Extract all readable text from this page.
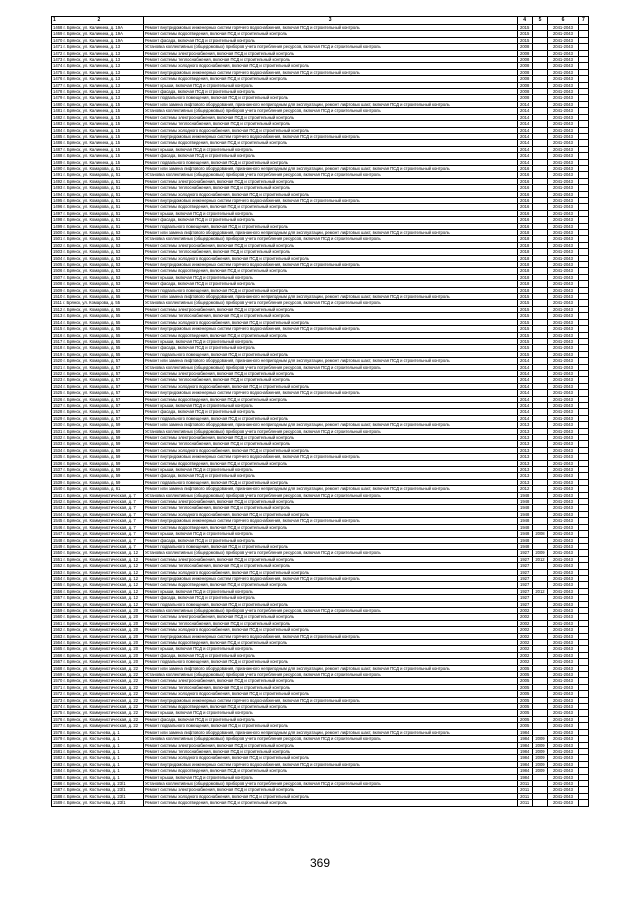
1 2	3	4	5	6	7
1468 г. Брянск, ул. Калинина, д. 19А	Ремонт внутридомовых инженерных систем горячего водоснабжения, включая ПСД и строительный контроль	2015		2041-2043	
1469 г. Брянск, ул. Калинина, д. 19А	Ремонт системы водоотведения, включая ПСД и строительный контроль	2015		2041-2043	
1470 г. Брянск, ул. Калинина, д. 19А	Ремонт фасада, включая ПСД и строительный контроль	2015		2041-2043	
1471 г. Брянск, ул. Калинина, д. 13	Установка коллективных (общедомовых) приборов учета потребления ресурсов, включая ПСД и строительный контроль	2008		2041-2043	
1472 г. Брянск, ул. Калинина, д. 13	Ремонт системы электроснабжения, включая ПСД и строительный контроль	2008		2041-2043	
1473 г. Брянск, ул. Калинина, д. 13	Ремонт системы теплоснабжения, включая ПСД и строительный контроль	2008		2041-2043	
1474 г. Брянск, ул. Калинина, д. 13	Ремонт системы холодного водоснабжения, включая ПСД и строительный контроль	2008		2041-2043	
1475 г. Брянск, ул. Калинина, д. 13	Ремонт внутридомовых инженерных систем горячего водоснабжения, включая ПСД и строительный контроль	2008		2041-2043	
1476 г. Брянск, ул. Калинина, д. 13	Ремонт системы водоотведения, включая ПСД и строительный контроль	2008		2041-2043	
1477 г. Брянск, ул. Калинина, д. 13	Ремонт крыши, включая ПСД и строительный контроль	2008		2041-2043	
1478 г. Брянск, ул. Калинина, д. 13	Ремонт фасада, включая ПСД и строительный контроль	2008		2041-2043	
1479 г. Брянск, ул. Калинина, д. 13	Ремонт подвального помещения, включая ПСД и строительный контроль	2008		2041-2043	
1480 г. Брянск, ул. Калинина, д. 15	Ремонт или замена лифтового оборудования, признанного непригодным для эксплуатации, ремонт лифтовых шахт, включая ПСД и строительный контроль	2014		2041-2043	
1481 г. Брянск, ул. Калинина, д. 15	Установка коллективных (общедомовых) приборов учета потребления ресурсов, включая ПСД и строительный контроль	2014		2041-2043	
1482 г. Брянск, ул. Калинина, д. 15	Ремонт системы электроснабжения, включая ПСД и строительный контроль	2014		2041-2043	
1483 г. Брянск, ул. Калинина, д. 15	Ремонт системы теплоснабжения, включая ПСД и строительный контроль	2014		2041-2043	
1484 г. Брянск, ул. Калинина, д. 15	Ремонт системы холодного водоснабжения, включая ПСД и строительный контроль	2014		2041-2043	
1485 г. Брянск, ул. Калинина, д. 15	Ремонт внутридомовых инженерных систем горячего водоснабжения, включая ПСД и строительный контроль	2014		2041-2043	
1486 г. Брянск, ул. Калинина, д. 15	Ремонт системы водоотведения, включая ПСД и строительный контроль	2014		2041-2043	
1487 г. Брянск, ул. Калинина, д. 15	Ремонт крыши, включая ПСД и строительный контроль	2014		2041-2043	
1488 г. Брянск, ул. Калинина, д. 15	Ремонт фасада, включая ПСД и строительный контроль	2014		2041-2043	
1489 г. Брянск, ул. Калинина, д. 15	Ремонт подвального помещения, включая ПСД и строительный контроль	2014		2041-2043	
1490 г. Брянск, ул. Комарова, д. 51	Ремонт или замена лифтового оборудования, признанного непригодным для эксплуатации, ремонт лифтовых шахт, включая ПСД и строительный контроль	2016		2041-2043	
1491 г. Брянск, ул. Комарова, д. 51	Установка коллективных (общедомовых) приборов учета потребления ресурсов, включая ПСД и строительный контроль	2016		2041-2043	
1492 г. Брянск, ул. Комарова, д. 51	Ремонт системы электроснабжения, включая ПСД и строительный контроль	2016		2041-2043	
1493 г. Брянск, ул. Комарова, д. 51	Ремонт системы теплоснабжения, включая ПСД и строительный контроль	2016		2041-2043	
1494 г. Брянск, ул. Комарова, д. 51	Ремонт системы холодного водоснабжения, включая ПСД и строительный контроль	2016		2041-2043	
1495 г. Брянск, ул. Комарова, д. 51	Ремонт внутридомовых инженерных систем горячего водоснабжения, включая ПСД и строительный контроль	2016		2041-2043	
1496 г. Брянск, ул. Комарова, д. 51	Ремонт системы водоотведения, включая ПСД и строительный контроль	2016		2041-2043	
1497 г. Брянск, ул. Комарова, д. 51	Ремонт крыши, включая ПСД и строительный контроль	2016		2041-2043	
1498 г. Брянск, ул. Комарова, д. 51	Ремонт фасада, включая ПСД и строительный контроль	2016		2041-2043	
1499 г. Брянск, ул. Комарова, д. 51	Ремонт подвального помещения, включая ПСД и строительный контроль	2016		2041-2043	
1500 г. Брянск, ул. Комарова, д. 53	Ремонт или замена лифтового оборудования, признанного непригодным для эксплуатации, ремонт лифтовых шахт, включая ПСД и строительный контроль	2018		2041-2043	
1501 г. Брянск, ул. Комарова, д. 53	Установка коллективных (общедомовых) приборов учета потребления ресурсов, включая ПСД и строительный контроль	2018		2041-2043	
1502 г. Брянск, ул. Комарова, д. 53	Ремонт системы электроснабжения, включая ПСД и строительный контроль	2018		2041-2043	
1503 г. Брянск, ул. Комарова, д. 53	Ремонт системы теплоснабжения, включая ПСД и строительный контроль	2018		2041-2043	
1504 г. Брянск, ул. Комарова, д. 53	Ремонт системы холодного водоснабжения, включая ПСД и строительный контроль	2018		2041-2043	
1505 г. Брянск, ул. Комарова, д. 53	Ремонт внутридомовых инженерных систем горячего водоснабжения, включая ПСД и строительный контроль	2018		2041-2043	
1506 г. Брянск, ул. Комарова, д. 53	Ремонт системы водоотведения, включая ПСД и строительный контроль	2018		2041-2043	
1507 г. Брянск, ул. Комарова, д. 53	Ремонт крыши, включая ПСД и строительный контроль	2018		2041-2043	
1508 г. Брянск, ул. Комарова, д. 53	Ремонт фасада, включая ПСД и строительный контроль	2018		2041-2043	
1509 г. Брянск, ул. Комарова, д. 53	Ремонт подвального помещения, включая ПСД и строительный контроль	2018		2041-2043	
1510 г. Брянск, ул. Комарова, д. 55	Ремонт или замена лифтового оборудования, признанного непригодным для эксплуатации, ремонт лифтовых шахт, включая ПСД и строительный контроль	2015		2041-2043	
1511 г. Брянск, ул. Комарова, д. 55	Установка коллективных (общедомовых) приборов учета потребления ресурсов, включая ПСД и строительный контроль	2015		2041-2043	
1512 г. Брянск, ул. Комарова, д. 55	Ремонт системы электроснабжения, включая ПСД и строительный контроль	2015		2041-2043	
1513 г. Брянск, ул. Комарова, д. 55	Ремонт системы теплоснабжения, включая ПСД и строительный контроль	2015		2041-2043	
1514 г. Брянск, ул. Комарова, д. 55	Ремонт системы холодного водоснабжения, включая ПСД и строительный контроль	2015		2041-2043	
1515 г. Брянск, ул. Комарова, д. 55	Ремонт внутридомовых инженерных систем горячего водоснабжения, включая ПСД и строительный контроль	2015		2041-2043	
1516 г. Брянск, ул. Комарова, д. 55	Ремонт системы водоотведения, включая ПСД и строительный контроль	2015		2041-2043	
1517 г. Брянск, ул. Комарова, д. 55	Ремонт крыши, включая ПСД и строительный контроль	2015		2041-2043	
1518 г. Брянск, ул. Комарова, д. 55	Ремонт фасада, включая ПСД и строительный контроль	2015		2041-2043	
1519 г. Брянск, ул. Комарова, д. 55	Ремонт подвального помещения, включая ПСД и строительный контроль	2015		2041-2043	
1520 г. Брянск, ул. Комарова, д. 57	Ремонт или замена лифтового оборудования, признанного непригодным для эксплуатации, ремонт лифтовых шахт, включая ПСД и строительный контроль	2014		2041-2043	
1521 г. Брянск, ул. Комарова, д. 57	Установка коллективных (общедомовых) приборов учета потребления ресурсов, включая ПСД и строительный контроль	2014		2041-2043	
1522 г. Брянск, ул. Комарова, д. 57	Ремонт системы электроснабжения, включая ПСД и строительный контроль	2014		2041-2043	
1523 г. Брянск, ул. Комарова, д. 57	Ремонт системы теплоснабжения, включая ПСД и строительный контроль	2014		2041-2043	
1524 г. Брянск, ул. Комарова, д. 57	Ремонт системы холодного водоснабжения, включая ПСД и строительный контроль	2014		2041-2043	
1525 г. Брянск, ул. Комарова, д. 57	Ремонт внутридомовых инженерных систем горячего водоснабжения, включая ПСД и строительный контроль	2014		2041-2043	
1526 г. Брянск, ул. Комарова, д. 57	Ремонт системы водоотведения, включая ПСД и строительный контроль	2014		2041-2043	
1527 г. Брянск, ул. Комарова, д. 57	Ремонт крыши, включая ПСД и строительный контроль	2014		2041-2043	
1528 г. Брянск, ул. Комарова, д. 57	Ремонт фасада, включая ПСД и строительный контроль	2014		2041-2043	
1529 г. Брянск, ул. Комарова, д. 57	Ремонт подвального помещения, включая ПСД и строительный контроль	2014		2041-2043	
1530 г. Брянск, ул. Комарова, д. 59	Ремонт или замена лифтового оборудования, признанного непригодным для эксплуатации, ремонт лифтовых шахт, включая ПСД и строительный контроль	2013		2041-2043	
1531 г. Брянск, ул. Комарова, д. 59	Установка коллективных (общедомовых) приборов учета потребления ресурсов, включая ПСД и строительный контроль	2013		2041-2043	
1532 г. Брянск, ул. Комарова, д. 59	Ремонт системы электроснабжения, включая ПСД и строительный контроль	2013		2041-2043	
1533 г. Брянск, ул. Комарова, д. 59	Ремонт системы теплоснабжения, включая ПСД и строительный контроль	2013		2041-2043	
1534 г. Брянск, ул. Комарова, д. 59	Ремонт системы холодного водоснабжения, включая ПСД и строительный контроль	2013		2041-2043	
1535 г. Брянск, ул. Комарова, д. 59	Ремонт внутридомовых инженерных систем горячего водоснабжения, включая ПСД и строительный контроль	2013		2041-2043	
1536 г. Брянск, ул. Комарова, д. 59	Ремонт системы водоотведения, включая ПСД и строительный контроль	2013		2041-2043	
1537 г. Брянск, ул. Комарова, д. 59	Ремонт крыши, включая ПСД и строительный контроль	2013		2041-2043	
1538 г. Брянск, ул. Комарова, д. 59	Ремонт фасада, включая ПСД и строительный контроль	2013		2041-2043	
1539 г. Брянск, ул. Комарова, д. 59	Ремонт подвального помещения, включая ПСД и строительный контроль	2013		2041-2043	
1540 г. Брянск, ул. Комарова, д. 61	Ремонт или замена лифтового оборудования, признанного непригодным для эксплуатации, ремонт лифтовых шахт, включая ПСД и строительный контроль	2012		2041-2043	
1541 г. Брянск, ул. Коммунистическая, д. 7	Установка коллективных (общедомовых) приборов учета потребления ресурсов, включая ПСД и строительный контроль	1948		2041-2043	
1542 г. Брянск, ул. Коммунистическая, д. 7	Ремонт системы электроснабжения, включая ПСД и строительный контроль	1948		2041-2043	
1543 г. Брянск, ул. Коммунистическая, д. 7	Ремонт системы теплоснабжения, включая ПСД и строительный контроль	1948		2041-2043	
1544 г. Брянск, ул. Коммунистическая, д. 7	Ремонт системы холодного водоснабжения, включая ПСД и строительный контроль	1948		2041-2043	
1545 г. Брянск, ул. Коммунистическая, д. 7	Ремонт внутридомовых инженерных систем горячего водоснабжения, включая ПСД и строительный контроль	1948		2041-2043	
1546 г. Брянск, ул. Коммунистическая, д. 7	Ремонт системы водоотведения, включая ПСД и строительный контроль	1948		2041-2043	
1547 г. Брянск, ул. Коммунистическая, д. 7	Ремонт крыши, включая ПСД и строительный контроль	1948	2008	2041-2043	
1548 г. Брянск, ул. Коммунистическая, д. 7	Ремонт фасада, включая ПСД и строительный контроль	1948		2041-2043	
1549 г. Брянск, ул. Коммунистическая, д. 7	Ремонт подвального помещения, включая ПСД и строительный контроль	1948		2041-2043	
1550 г. Брянск, ул. Коммунистическая, д. 12	Установка коллективных (общедомовых) приборов учета потребления ресурсов, включая ПСД и строительный контроль	1927	2009	2041-2043	
1551 г. Брянск, ул. Коммунистическая, д. 12	Ремонт системы электроснабжения, включая ПСД и строительный контроль	1927	2012	2041-2043	
1552 г. Брянск, ул. Коммунистическая, д. 12	Ремонт системы теплоснабжения, включая ПСД и строительный контроль	1927		2041-2043	
1553 г. Брянск, ул. Коммунистическая, д. 12	Ремонт системы холодного водоснабжения, включая ПСД и строительный контроль	1927		2041-2043	
1554 г. Брянск, ул. Коммунистическая, д. 12	Ремонт внутридомовых инженерных систем горячего водоснабжения, включая ПСД и строительный контроль	1927		2041-2043	
1555 г. Брянск, ул. Коммунистическая, д. 12	Ремонт системы водоотведения, включая ПСД и строительный контроль	1927		2041-2043	
1556 г. Брянск, ул. Коммунистическая, д. 12	Ремонт крыши, включая ПСД и строительный контроль	1927	2012	2041-2043	
1557 г. Брянск, ул. Коммунистическая, д. 12	Ремонт фасада, включая ПСД и строительный контроль	1927		2041-2043	
1558 г. Брянск, ул. Коммунистическая, д. 12	Ремонт подвального помещения, включая ПСД и строительный контроль	1927		2041-2043	
1559 г. Брянск, ул. Коммунистическая, д. 20	Установка коллективных (общедомовых) приборов учета потребления ресурсов, включая ПСД и строительный контроль	2002		2041-2043	
1560 г. Брянск, ул. Коммунистическая, д. 20	Ремонт системы электроснабжения, включая ПСД и строительный контроль	2002		2041-2043	
1561 г. Брянск, ул. Коммунистическая, д. 20	Ремонт системы теплоснабжения, включая ПСД и строительный контроль	2002		2041-2043	
1562 г. Брянск, ул. Коммунистическая, д. 20	Ремонт системы холодного водоснабжения, включая ПСД и строительный контроль	2002		2041-2043	
1563 г. Брянск, ул. Коммунистическая, д. 20	Ремонт внутридомовых инженерных систем горячего водоснабжения, включая ПСД и строительный контроль	2002		2041-2043	
1564 г. Брянск, ул. Коммунистическая, д. 20	Ремонт системы водоотведения, включая ПСД и строительный контроль	2002		2041-2043	
1565 г. Брянск, ул. Коммунистическая, д. 20	Ремонт крыши, включая ПСД и строительный контроль	2002		2041-2043	
1566 г. Брянск, ул. Коммунистическая, д. 20	Ремонт фасада, включая ПСД и строительный контроль	2002		2041-2043	
1567 г. Брянск, ул. Коммунистическая, д. 20	Ремонт подвального помещения, включая ПСД и строительный контроль	2002		2041-2043	
1568 г. Брянск, ул. Коммунистическая, д. 22	Ремонт или замена лифтового оборудования, признанного непригодным для эксплуатации, ремонт лифтовых шахт, включая ПСД и строительный контроль	2005		2041-2043	
1569 г. Брянск, ул. Коммунистическая, д. 22	Установка коллективных (общедомовых) приборов учета потребления ресурсов, включая ПСД и строительный контроль	2005		2041-2043	
1570 г. Брянск, ул. Коммунистическая, д. 22	Ремонт системы электроснабжения, включая ПСД и строительный контроль	2005		2041-2043	
1571 г. Брянск, ул. Коммунистическая, д. 22	Ремонт системы теплоснабжения, включая ПСД и строительный контроль	2005		2041-2043	
1572 г. Брянск, ул. Коммунистическая, д. 22	Ремонт системы холодного водоснабжения, включая ПСД и строительный контроль	2005		2041-2043	
1573 г. Брянск, ул. Коммунистическая, д. 22	Ремонт внутридомовых инженерных систем горячего водоснабжения, включая ПСД и строительный контроль	2005		2041-2043	
1574 г. Брянск, ул. Коммунистическая, д. 22	Ремонт системы водоотведения, включая ПСД и строительный контроль	2005		2041-2043	
1575 г. Брянск, ул. Коммунистическая, д. 22	Ремонт крыши, включая ПСД и строительный контроль	2005		2041-2043	
1576 г. Брянск, ул. Коммунистическая, д. 22	Ремонт фасада, включая ПСД и строительный контроль	2005		2041-2043	
1577 г. Брянск, ул. Коммунистическая, д. 22	Ремонт подвального помещения, включая ПСД и строительный контроль	2005		2041-2043	
1578 г. Брянск, ул. Костычева, д. 1	Ремонт или замена лифтового оборудования, признанного непригодным для эксплуатации, ремонт лифтовых шахт, включая ПСД и строительный контроль	1984		2041-2043	
1579 г. Брянск, ул. Костычева, д. 1	Установка коллективных (общедомовых) приборов учета потребления ресурсов, включая ПСД и строительный контроль	1984	2009	2041-2043	
1580 г. Брянск, ул. Костычева, д. 1	Ремонт системы электроснабжения, включая ПСД и строительный контроль	1984	2009	2041-2043	
1581 г. Брянск, ул. Костычева, д. 1	Ремонт системы теплоснабжения, включая ПСД и строительный контроль	1984	2009	2041-2043	
1582 г. Брянск, ул. Костычева, д. 1	Ремонт системы холодного водоснабжения, включая ПСД и строительный контроль	1984	2009	2041-2043	
1583 г. Брянск, ул. Костычева, д. 1	Ремонт внутридомовых инженерных систем горячего водоснабжения, включая ПСД и строительный контроль	1984	2009	2041-2043	
1584 г. Брянск, ул. Костычева, д. 1	Ремонт системы водоотведения, включая ПСД и строительный контроль	1984	2009	2041-2043	
1585 г. Брянск, ул. Костычева, д. 1	Ремонт крыши, включая ПСД и строительный контроль	1984		2041-2043	
1586 г. Брянск, ул. Костычева, д. 23/1	Установка коллективных (общедомовых) приборов учета потребления ресурсов, включая ПСД и строительный контроль	2011		2041-2043	
1587 г. Брянск, ул. Костычева, д. 23/1	Ремонт системы электроснабжения, включая ПСД и строительный контроль	2011		2041-2043	
1588 г. Брянск, ул. Костычева, д. 23/1	Ремонт системы холодного водоснабжения, включая ПСД и строительный контроль	2011		2041-2043	
1589 г. Брянск, ул. Костычева, д. 23/1	Ремонт системы водоотведения, включая ПСД и строительный контроль	2011		2041-2043	
369
